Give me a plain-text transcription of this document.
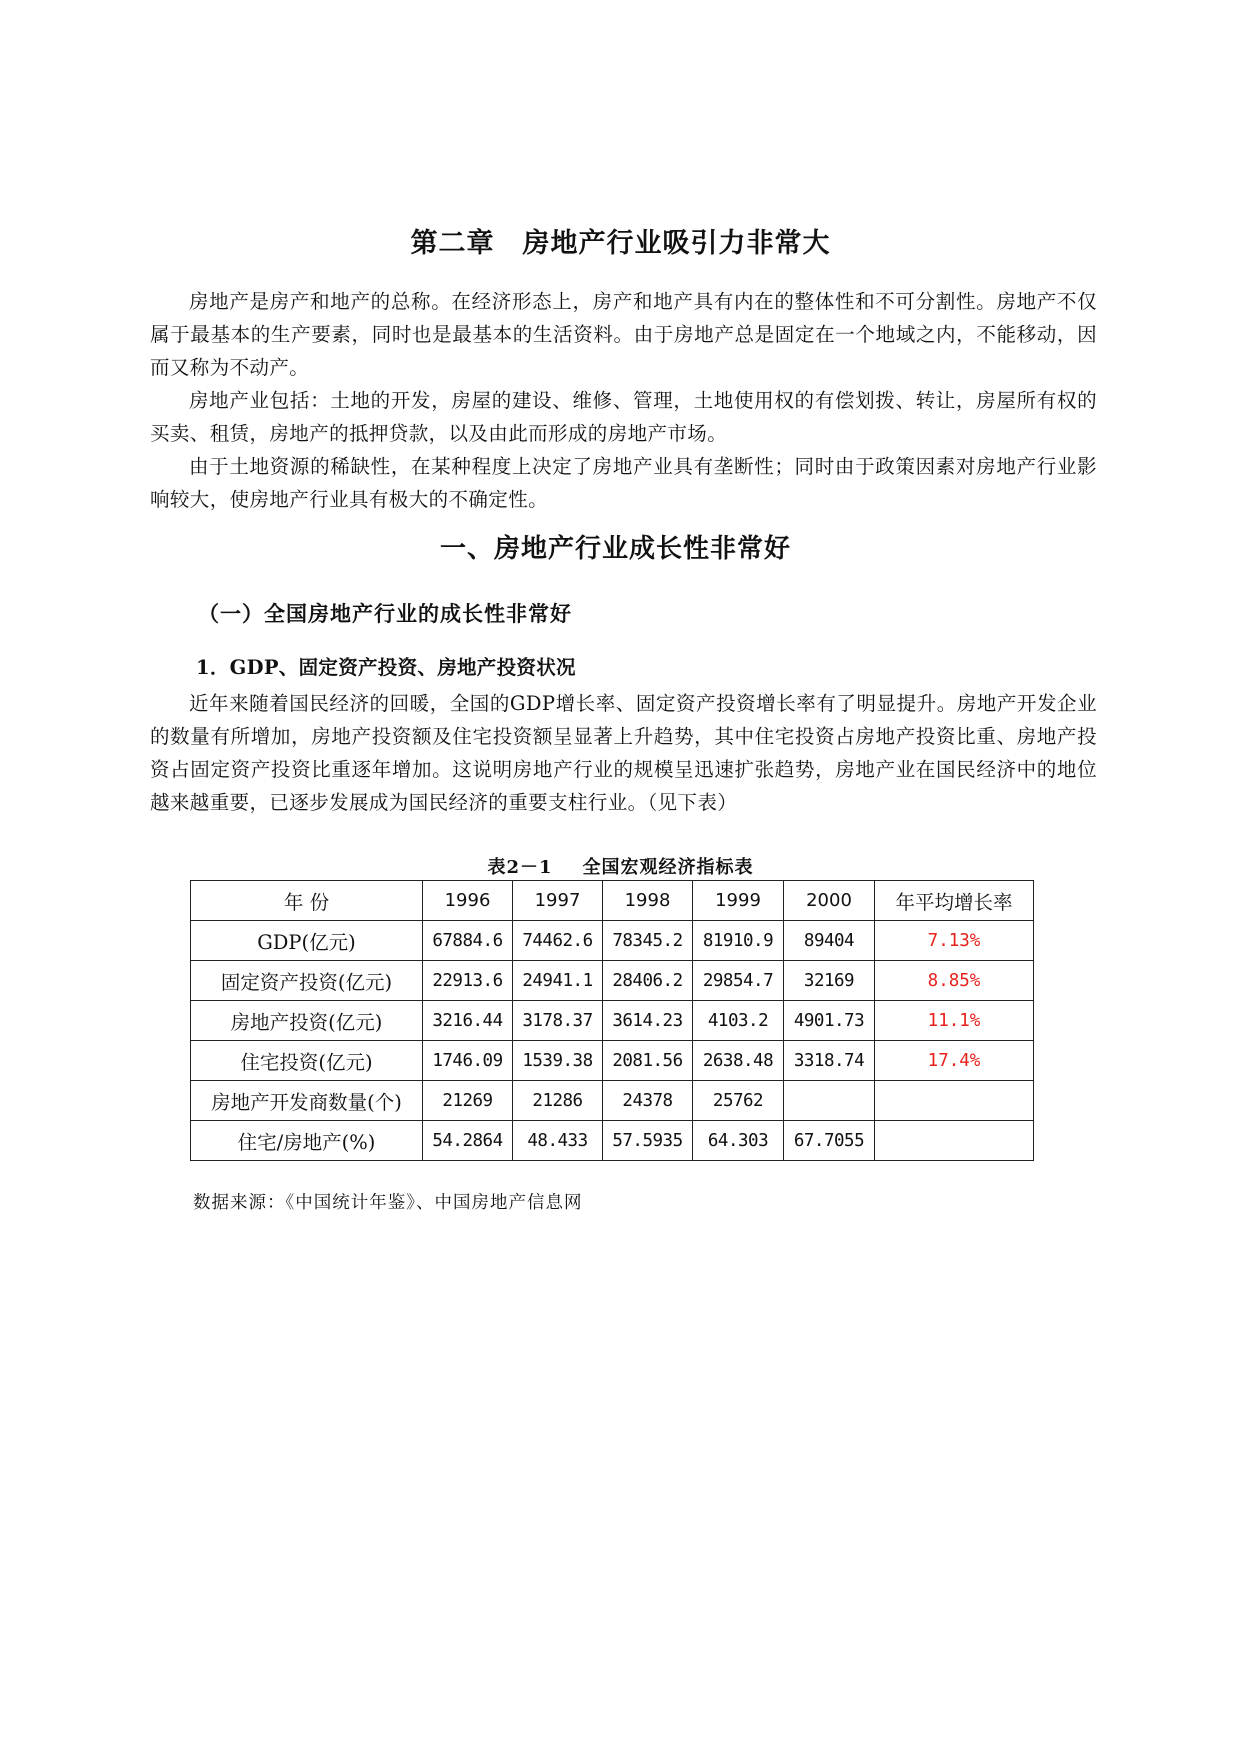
第二章　房地产行业吸引力非常大

房地产是房产和地产的总称。在经济形态上，房产和地产具有内在的整体性和不可分割性。房地产不仅属于最基本的生产要素，同时也是最基本的生活资料。由于房地产总是固定在一个地域之内，不能移动，因而又称为不动产。

房地产业包括：土地的开发，房屋的建设、维修、管理，土地使用权的有偿划拨、转让，房屋所有权的买卖、租赁，房地产的抵押贷款，以及由此而形成的房地产市场。

由于土地资源的稀缺性，在某种程度上决定了房地产业具有垄断性；同时由于政策因素对房地产行业影响较大，使房地产行业具有极大的不确定性。

一、房地产行业成长性非常好
（一）全国房地产行业的成长性非常好
1．GDP、固定资产投资、房地产投资状况

近年来随着国民经济的回暖，全国的GDP增长率、固定资产投资增长率有了明显提升。房地产开发企业的数量有所增加，房地产投资额及住宅投资额呈显著上升趋势，其中住宅投资占房地产投资比重、房地产投资占固定资产投资比重逐年增加。这说明房地产行业的规模呈迅速扩张趋势，房地产业在国民经济中的地位越来越重要，已逐步发展成为国民经济的重要支柱行业。（见下表）

表2－1 全国宏观经济指标表

年 份	1996	1997	1998	1999	2000	年平均增长率
GDP(亿元)	67884.6	74462.6	78345.2	81910.9	89404	7.13%
固定资产投资(亿元)	22913.6	24941.1	28406.2	29854.7	32169	8.85%
房地产投资(亿元)	3216.44	3178.37	3614.23	4103.2	4901.73	11.1%
住宅投资(亿元)	1746.09	1539.38	2081.56	2638.48	3318.74	17.4%
房地产开发商数量(个)	21269	21286	24378	25762		
住宅/房地产(%)	54.2864	48.433	57.5935	64.303	67.7055	

数据来源：《中国统计年鉴》、中国房地产信息网
